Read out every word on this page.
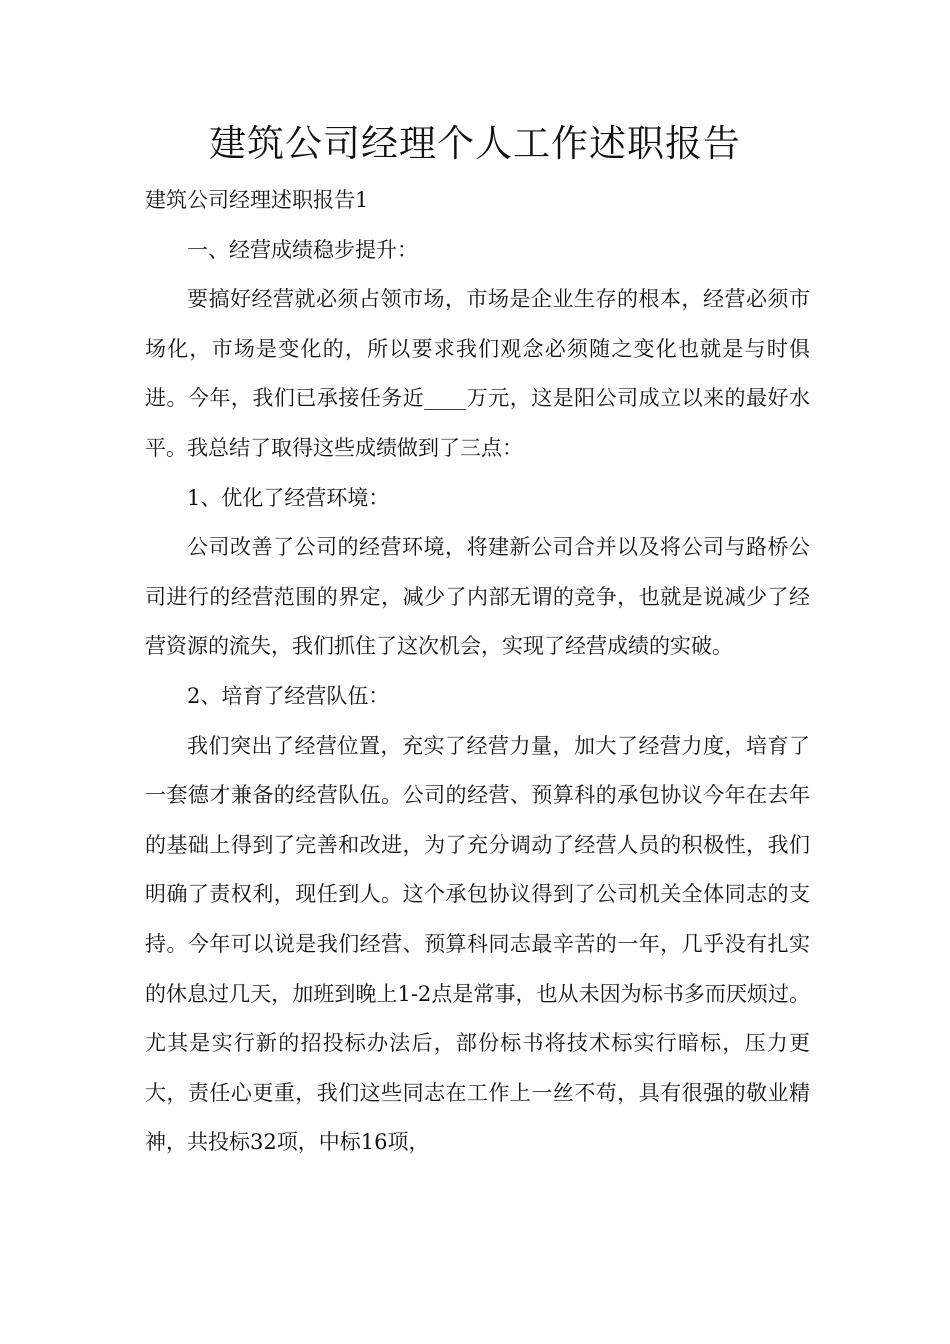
建筑公司经理个人工作述职报告

建筑公司经理述职报告1

一、经营成绩稳步提升：

要搞好经营就必须占领市场，市场是企业生存的根本，经营必须市场化，市场是变化的，所以要求我们观念必须随之变化也就是与时俱进。今年，我们已承接任务近____万元，这是阳公司成立以来的最好水平。我总结了取得这些成绩做到了三点：

1、优化了经营环境：

公司改善了公司的经营环境，将建新公司合并以及将公司与路桥公司进行的经营范围的界定，减少了内部无谓的竞争，也就是说减少了经营资源的流失，我们抓住了这次机会，实现了经营成绩的实破。

2、培育了经营队伍：

我们突出了经营位置，充实了经营力量，加大了经营力度，培育了一套德才兼备的经营队伍。公司的经营、预算科的承包协议今年在去年的基础上得到了完善和改进，为了充分调动了经营人员的积极性，我们明确了责权利，现任到人。这个承包协议得到了公司机关全体同志的支持。今年可以说是我们经营、预算科同志最辛苦的一年，几乎没有扎实的休息过几天，加班到晚上1-2点是常事，也从未因为标书多而厌烦过。尤其是实行新的招投标办法后，部份标书将技术标实行暗标，压力更大，责任心更重，我们这些同志在工作上一丝不苟，具有很强的敬业精神，共投标32项，中标16项，
